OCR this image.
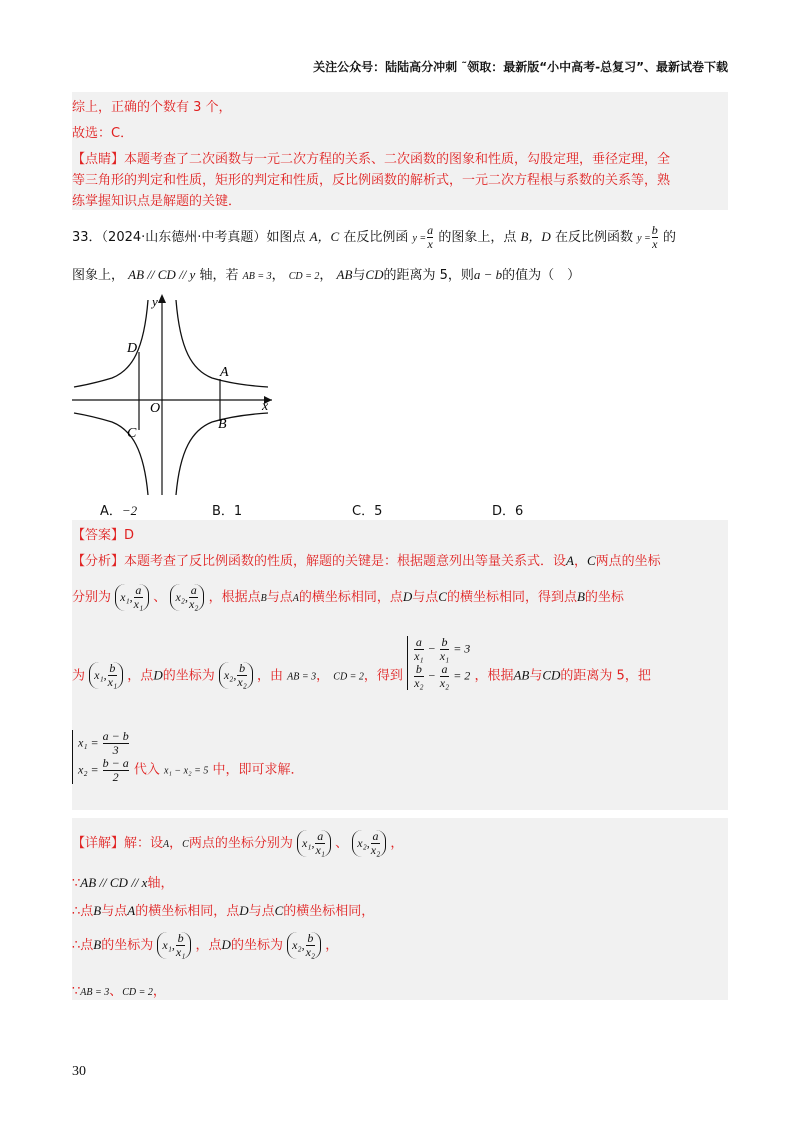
关注公众号：陆陆高分冲刺 ˜领取：最新版“小中高考-总复习”、最新试卷下载
综上，正确的个数有 3 个，
故选：C．
【点睛】本题考查了二次函数与一元二次方程的关系、二次函数的图象和性质，勾股定理，垂径定理，全
等三角形的判定和性质，矩形的判定和性质，反比例函数的解析式，一元二次方程根与系数的关系等，熟
练掌握知识点是解题的关键．
33．（2024·山东德州·中考真题）如图点 A，C 在反比例函 $y = \frac{a}{x}$ 的图象上，点 B，D 在反比例函数 $y = \frac{b}{x}$ 的
图象上， AB // CD // y 轴，若 AB = 3， CD = 2， AB与CD的距离为 5，则a − b的值为（　）
y
x
O
A
B
C
D
A．−2	B．1	C．5	D．6
【答案】D
【分析】本题考查了反比例函数的性质，解题的关键是：根据题意列出等量关系式．设A，C两点的坐标
分别为 x₁, $\frac{a}{\text{x₁}}$ 、 x₂, $\frac{a}{\text{x₂}}$ ，根据点B与点A的横坐标相同，点D与点C的横坐标相同，得到点B的坐标
为 x₁, $\frac{b}{\text{x₁}}$ ，点D的坐标为 x₂, $\frac{b}{\text{x₂}}$ ，由 AB = 3， CD = 2，得到
$\frac{a}{\text{x₁}} - \frac{b}{\text{x₁}} = 3$

$\frac{b}{\text{x₂}} - \frac{a}{\text{x₂}} = 2$ ，根据AB与CD的距离为 5，把
$x_1 = \frac{a - b}{3}$

$x_2 = \frac{b - a}{2}$ 代入 x₁ − x₂ = 5 中，即可求解．
【详解】解：设A，C两点的坐标分别为 x₁, $\frac{a}{\text{x₁}}$ 、 x₂, $\frac{a}{\text{x₂}}$ ，
∵AB // CD // x轴，
∴点B与点A的横坐标相同，点D与点C的横坐标相同，
∴点B的坐标为 x₁, $\frac{b}{\text{x₁}}$ ，点D的坐标为 x₂, $\frac{b}{\text{x₂}}$ ，
∵AB = 3、CD = 2，
30
